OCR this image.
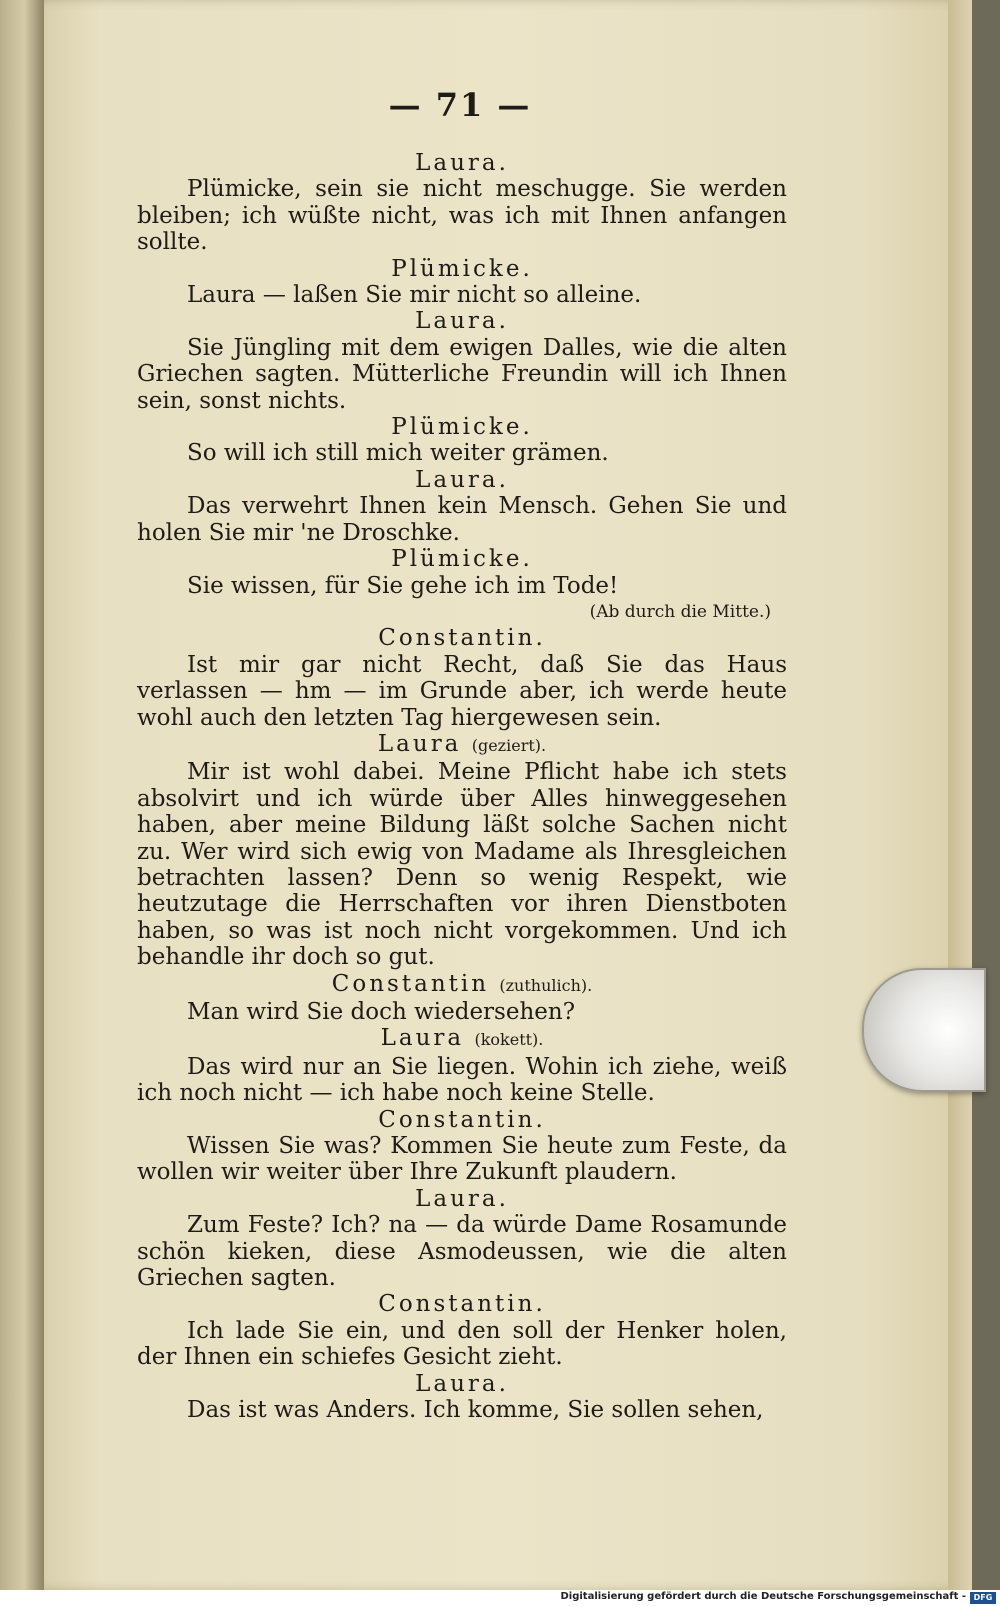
— 71 —
Laura.
Plümicke, sein sie nicht meschugge. Sie werden bleiben; ich wüßte nicht, was ich mit Ihnen anfangen sollte.
Plümicke.
Laura — laßen Sie mir nicht so alleine.
Laura.
Sie Jüngling mit dem ewigen Dalles, wie die alten Griechen sagten. Mütterliche Freundin will ich Ihnen sein, sonst nichts.
Plümicke.
So will ich still mich weiter grämen.
Laura.
Das verwehrt Ihnen kein Mensch. Gehen Sie und holen Sie mir 'ne Droschke.
Plümicke.
Sie wissen, für Sie gehe ich im Tode!
(Ab durch die Mitte.)
Constantin.
Ist mir gar nicht Recht, daß Sie das Haus verlassen — hm — im Grunde aber, ich werde heute wohl auch den letzten Tag hiergewesen sein.
Laura (geziert).
Mir ist wohl dabei. Meine Pflicht habe ich stets absolvirt und ich würde über Alles hinweggesehen haben, aber meine Bildung läßt solche Sachen nicht zu. Wer wird sich ewig von Madame als Ihresgleichen betrachten lassen? Denn so wenig Respekt, wie heutzutage die Herrschaften vor ihren Dienstboten haben, so was ist noch nicht vorgekommen. Und ich behandle ihr doch so gut.
Constantin (zuthulich).
Man wird Sie doch wiedersehen?
Laura (kokett).
Das wird nur an Sie liegen. Wohin ich ziehe, weiß ich noch nicht — ich habe noch keine Stelle.
Constantin.
Wissen Sie was? Kommen Sie heute zum Feste, da wollen wir weiter über Ihre Zukunft plaudern.
Laura.
Zum Feste? Ich? na — da würde Dame Rosamunde schön kieken, diese Asmodeussen, wie die alten Griechen sagten.
Constantin.
Ich lade Sie ein, und den soll der Henker holen, der Ihnen ein schiefes Gesicht zieht.
Laura.
Das ist was Anders. Ich komme, Sie sollen sehen,
Digitalisierung gefördert durch die Deutsche Forschungsgemeinschaft - DFG
